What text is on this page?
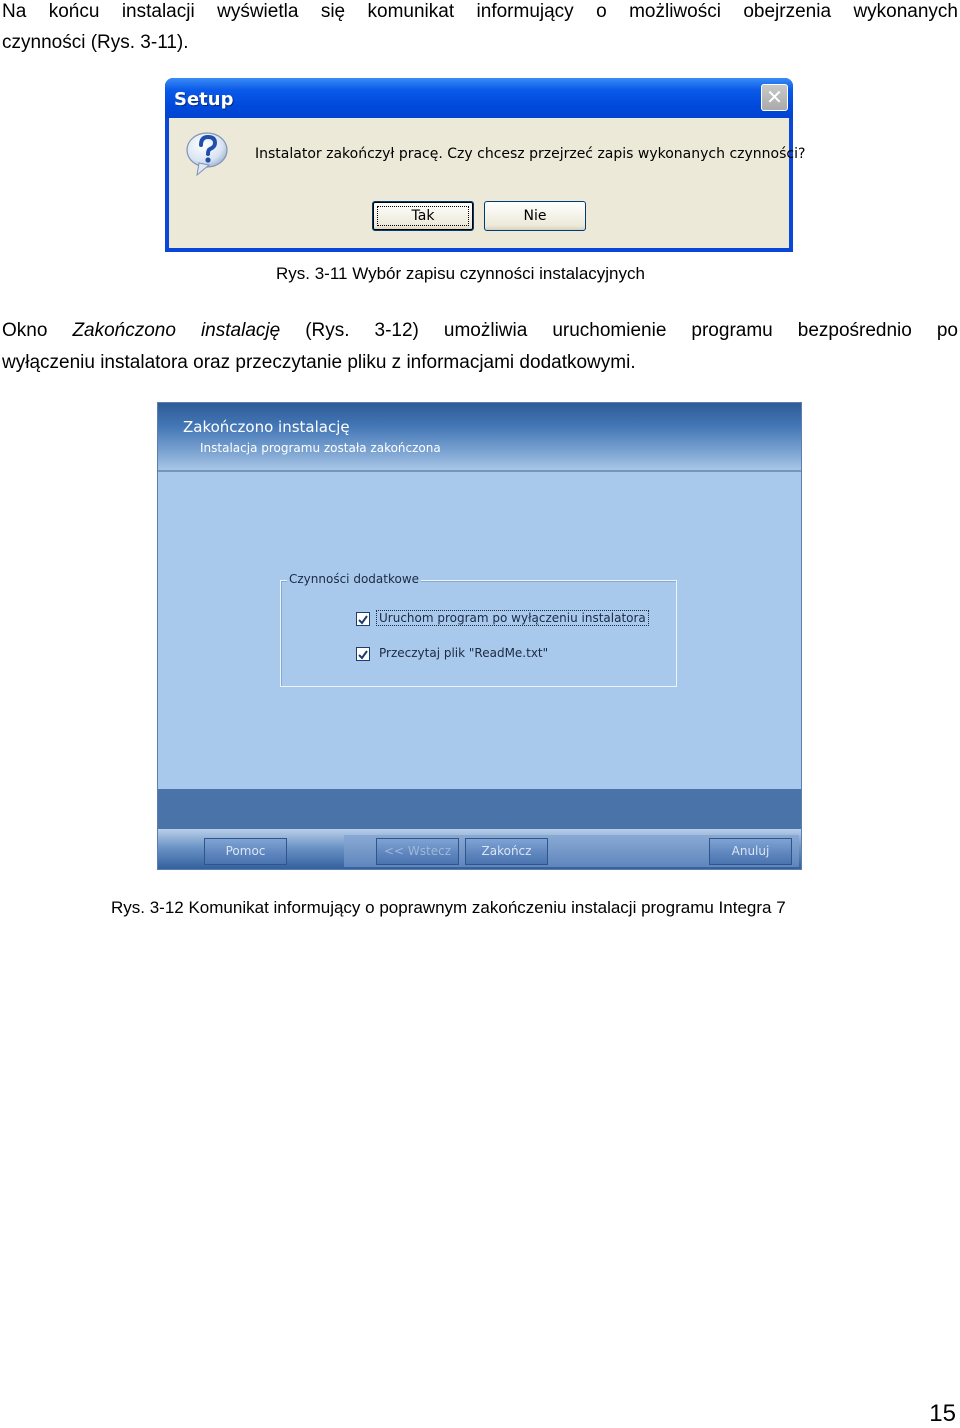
Na końcu instalacji wyświetla się komunikat informujący o możliwości obejrzenia wykonanych

czynności (Rys. 3-11).

Setup	✕
Instalator zakończył pracę. Czy chcesz przejrzeć zapis wykonanych czynności?
Tak	Nie
Rys. 3-11 Wybór zapisu czynności instalacyjnych

Okno Zakończono instalację (Rys. 3-12) umożliwia uruchomienie programu bezpośrednio po

wyłączeniu instalatora oraz przeczytanie pliku z informacjami dodatkowymi.

Zakończono instalację
Instalacja programu została zakończona
Czynności dodatkowe
Uruchom program po wyłączeniu instalatora
Przeczytaj plik "ReadMe.txt"
Pomoc	<< Wstecz	Zakończ	Anuluj
Rys. 3-12 Komunikat informujący o poprawnym zakończeniu instalacji programu Integra 7
15
